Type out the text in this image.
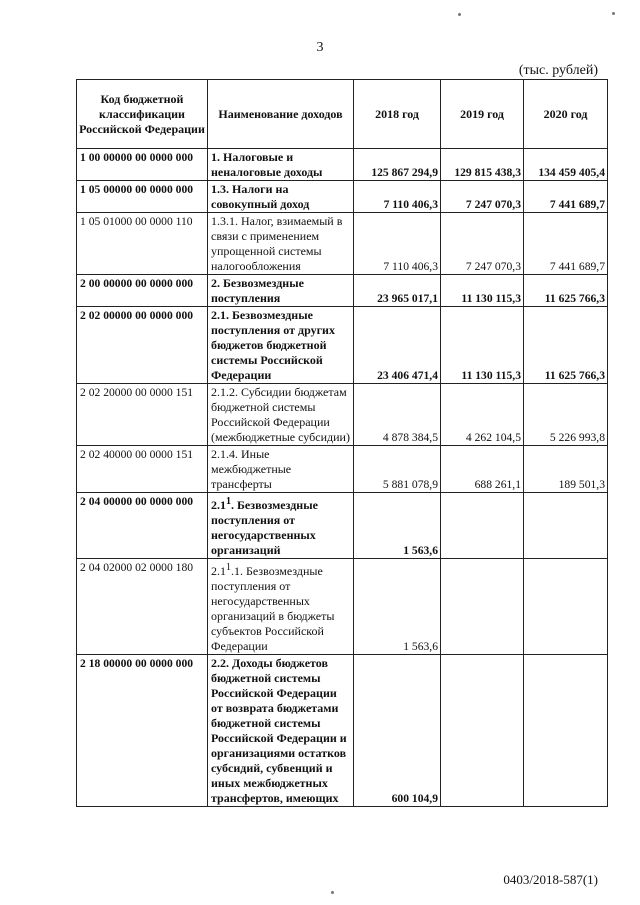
3
(тыс. рублей)
Код бюджетной классификации Российской Федерации	Наименование доходов	2018 год	2019 год	2020 год
1 00 00000 00 0000 000	1. Налоговые и неналоговые доходы	125 867 294,9	129 815 438,3	134 459 405,4
1 05 00000 00 0000 000	1.3. Налоги на совокупный доход	7 110 406,3	7 247 070,3	7 441 689,7
1 05 01000 00 0000 110	1.3.1. Налог, взимаемый в связи с применением упрощенной системы налогообложения	7 110 406,3	7 247 070,3	7 441 689,7
2 00 00000 00 0000 000	2. Безвозмездные поступления	23 965 017,1	11 130 115,3	11 625 766,3
2 02 00000 00 0000 000	2.1. Безвозмездные поступления от других бюджетов бюджетной системы Российской Федерации	23 406 471,4	11 130 115,3	11 625 766,3
2 02 20000 00 0000 151	2.1.2. Субсидии бюджетам бюджетной системы Российской Федерации (межбюджетные субсидии)	4 878 384,5	4 262 104,5	5 226 993,8
2 02 40000 00 0000 151	2.1.4. Иные межбюджетные трансферты	5 881 078,9	688 261,1	189 501,3
2 04 00000 00 0000 000	$2.1^1$. Безвозмездные поступления от негосударственных организаций	1 563,6		
2 04 02000 02 0000 180	$2.1^1.1$. Безвозмездные поступления от негосударственных организаций в бюджеты субъектов Российской Федерации	1 563,6		
2 18 00000 00 0000 000	2.2. Доходы бюджетов бюджетной системы Российской Федерации от возврата бюджетами бюджетной системы Российской Федерации и организациями остатков субсидий, субвенций и иных межбюджетных трансфертов, имеющих	600 104,9		
0403/2018-587(1)
